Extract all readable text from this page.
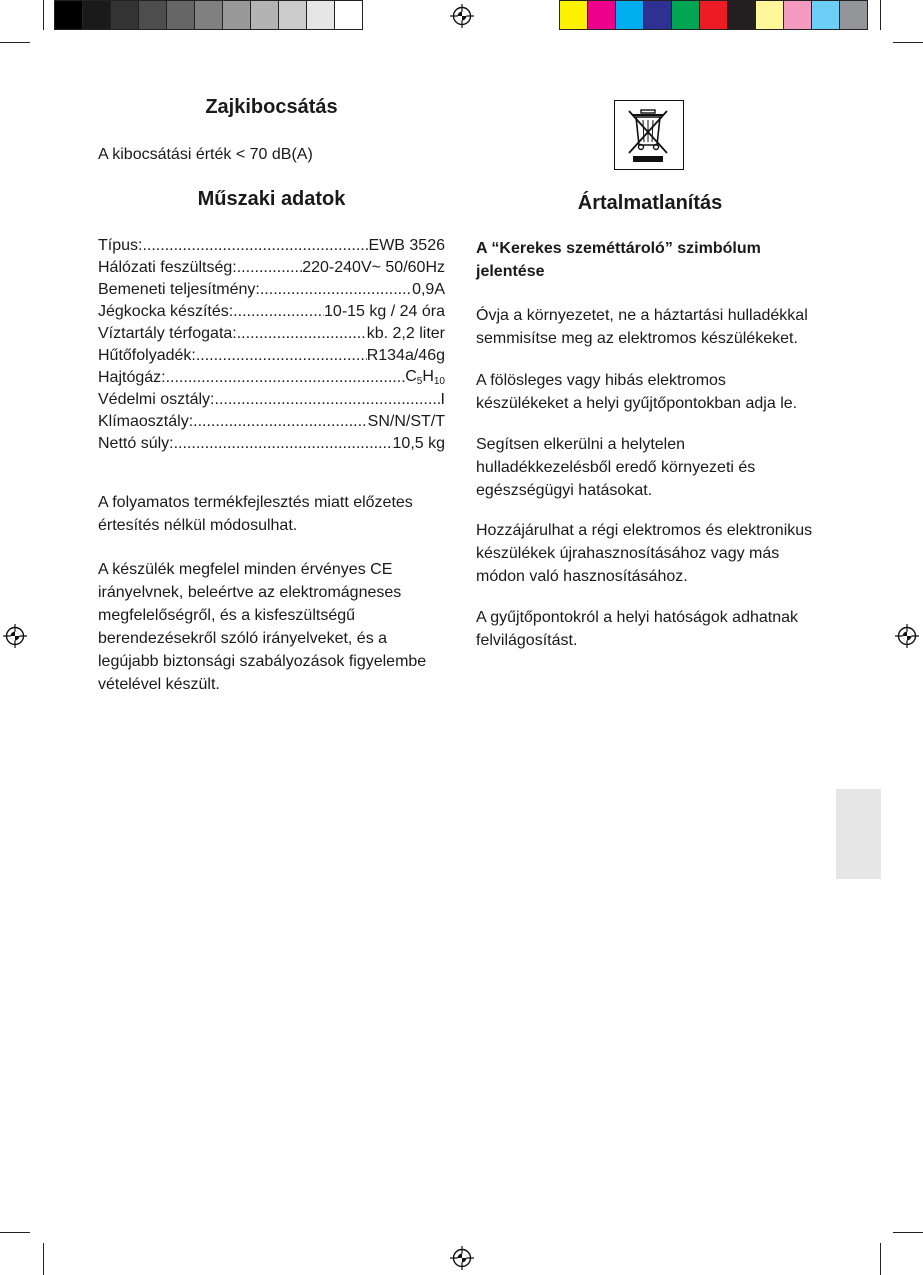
Zajkibocsátás

A kibocsátási érték < 70 dB(A)

Műszaki adatok
Típus: .....	EWB 3526
Hálózati feszültség: .....	220-240V~ 50/60Hz
Bemeneti teljesítmény: .....	0,9A
Jégkocka készítés: .....	10-15 kg / 24 óra
Víztartály térfogata: .....	kb. 2,2 liter
Hűtőfolyadék: .....	R134a/46g
Hajtógáz: .....	$C_5H_{10}$
Védelmi osztály: .....	I
Klímaosztály: .....	SN/N/ST/T
Nettó súly: .....	10,5 kg

A folyamatos termékfejlesztés miatt előzetes értesítés nélkül módosulhat.

A készülék megfelel minden érvényes CE irányelvnek, beleértve az elektromágneses megfelelőségről, és a kisfeszültségű berendezésekről szóló irányelveket, és a legújabb biztonsági szabályozások figyelembe vételével készült.

Ártalmatlanítás

A “Kerekes szeméttároló” szimbólum jelentése

Óvja a környezetet, ne a háztartási hulladékkal semmisítse meg az elektromos készülékeket.

A fölösleges vagy hibás elektromos készülékeket a helyi gyűjtőpontokban adja le.

Segítsen elkerülni a helytelen hulladékkezelésből eredő környezeti és egészségügyi hatásokat.

Hozzájárulhat a régi elektromos és elektronikus készülékek újrahasznosításához vagy más módon való hasznosításához.

A gyűjtőpontokról a helyi hatóságok adhatnak felvilágosítást.
